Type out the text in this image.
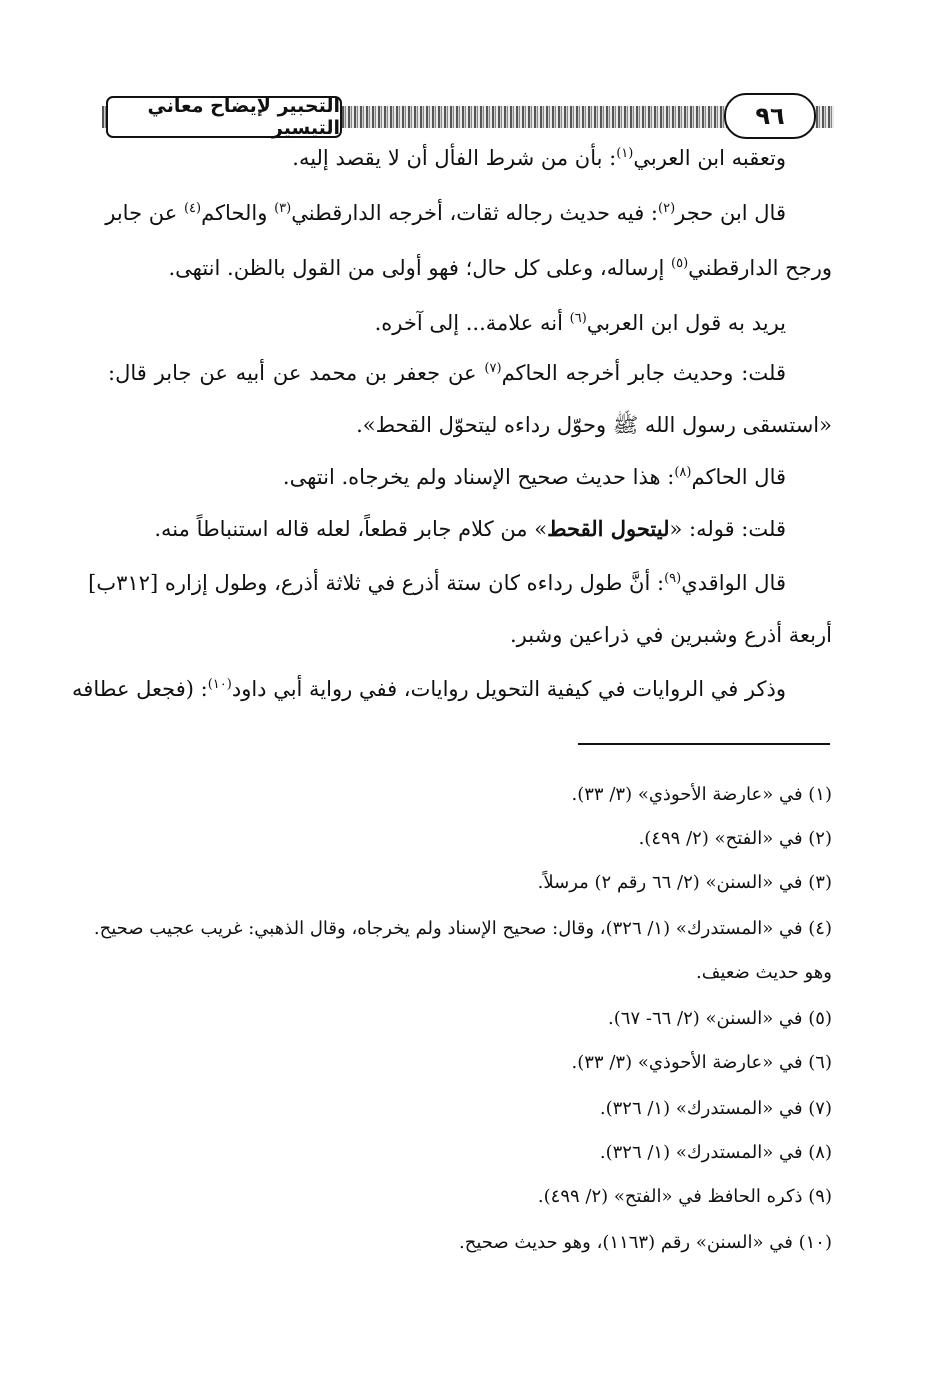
التحبير لإيضاح معاني التيسير	٩٦
وتعقبه ابن العربي$^{(١)}$: بأن من شرط الفأل أن لا يقصد إليه.
قال ابن حجر$^{(٢)}$: فيه حديث رجاله ثقات، أخرجه الدارقطني$^{(٣)}$ والحاكم$^{(٤)}$ عن جابر
ورجح الدارقطني$^{(٥)}$ إرساله، وعلى كل حال؛ فهو أولى من القول بالظن. انتهى.
يريد به قول ابن العربي$^{(٦)}$ أنه علامة... إلى آخره.
قلت: وحديث جابر أخرجه الحاكم$^{(٧)}$ عن جعفر بن محمد عن أبيه عن جابر قال:
«استسقى رسول الله ﷺ وحوّل رداءه ليتحوّل القحط».
قال الحاكم$^{(٨)}$: هذا حديث صحيح الإسناد ولم يخرجاه. انتهى.
قلت: قوله: «ليتحول القحط» من كلام جابر قطعاً، لعله قاله استنباطاً منه.
قال الواقدي$^{(٩)}$: أنَّ طول رداءه كان ستة أذرع في ثلاثة أذرع، وطول إزاره [٣١٢ب]
أربعة أذرع وشبرين في ذراعين وشبر.
وذكر في الروايات في كيفية التحويل روايات، ففي رواية أبي داود$^{(١٠)}$: (فجعل عطافه
(١) في «عارضة الأحوذي» (٣/ ٣٣).
(٢) في «الفتح» (٢/ ٤٩٩).
(٣) في «السنن» (٢/ ٦٦ رقم ٢) مرسلاً.
(٤) في «المستدرك» (١/ ٣٢٦)، وقال: صحيح الإسناد ولم يخرجاه، وقال الذهبي: غريب عجيب صحيح.
وهو حديث ضعيف.
(٥) في «السنن» (٢/ ٦٦- ٦٧).
(٦) في «عارضة الأحوذي» (٣/ ٣٣).
(٧) في «المستدرك» (١/ ٣٢٦).
(٨) في «المستدرك» (١/ ٣٢٦).
(٩) ذكره الحافظ في «الفتح» (٢/ ٤٩٩).
(١٠) في «السنن» رقم (١١٦٣)، وهو حديث صحيح.
